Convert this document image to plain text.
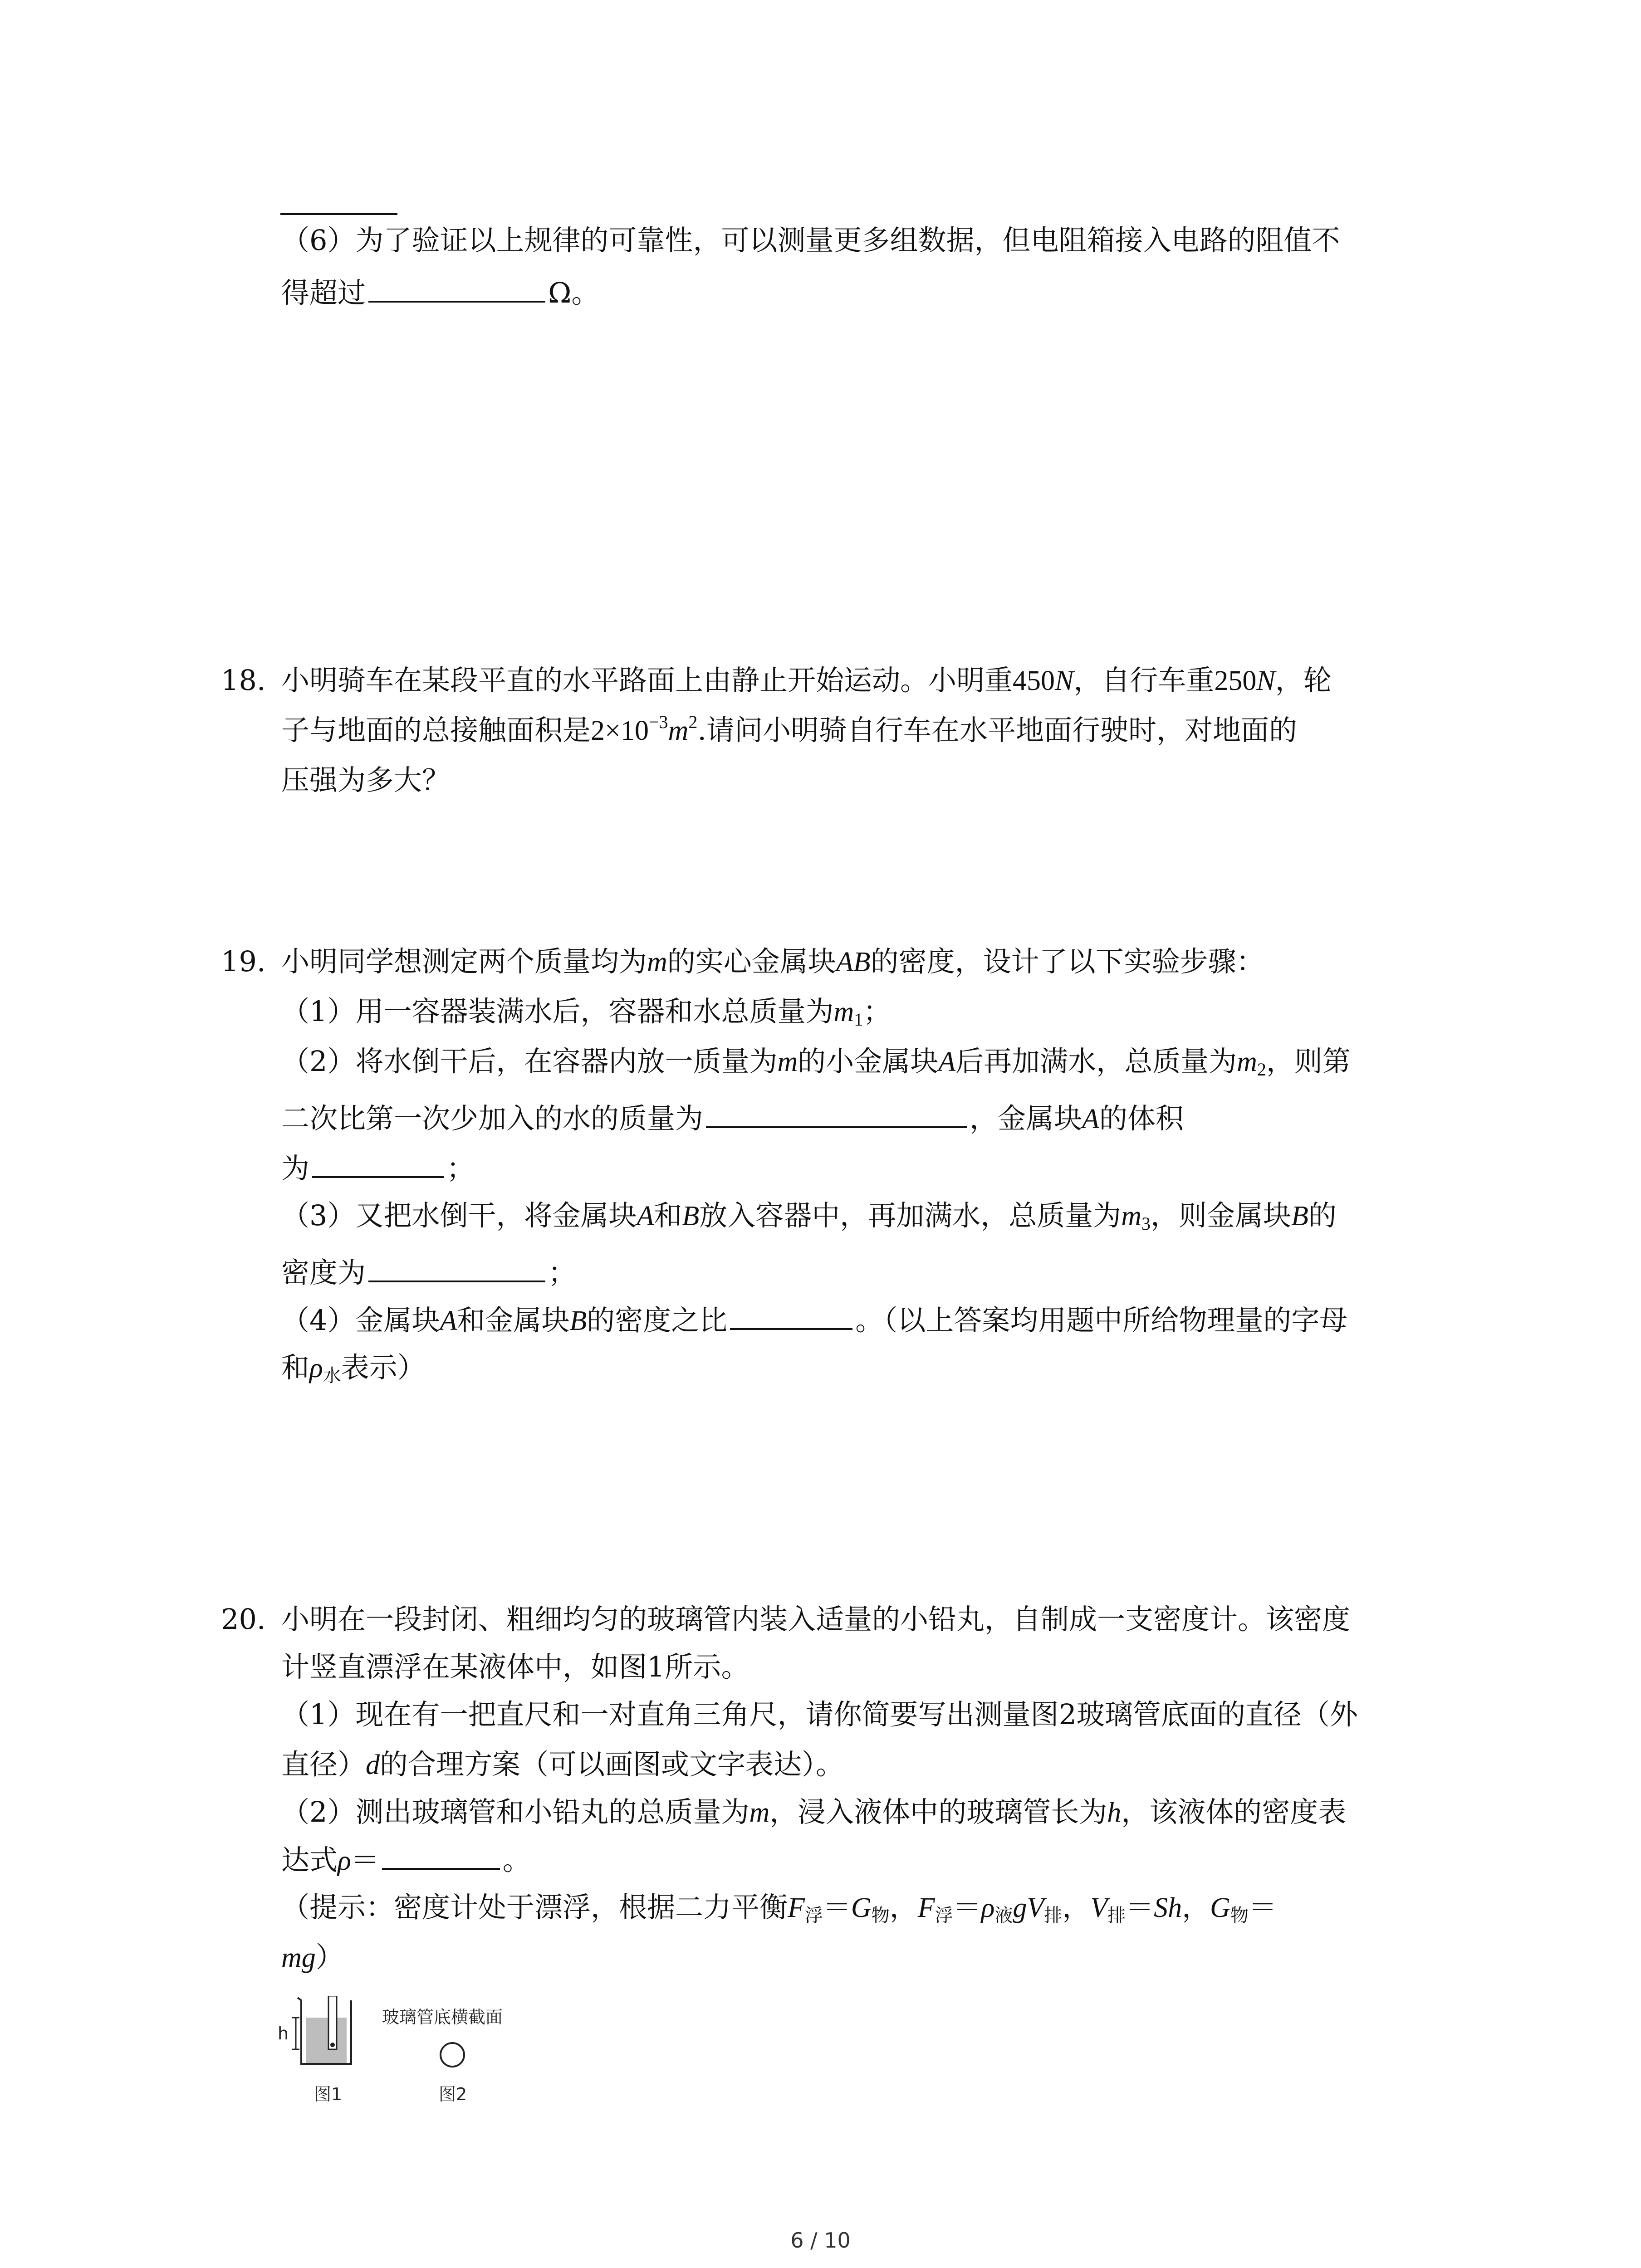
（6）为了验证以上规律的可靠性，可以测量更多组数据，但电阻箱接入电路的阻值不
得超过	Ω。
18. 小明骑车在某段平直的水平路面上由静止开始运动。小明重450N，自行车重250N，轮
子与地面的总接触面积是$2\times 10^{-3}m^2$.请问小明骑自行车在水平地面行驶时，对地面的
压强为多大？
19. 小明同学想测定两个质量均为m的实心金属块AB的密度，设计了以下实验步骤：
（1）用一容器装满水后，容器和水总质量为$m_1$；
（2）将水倒干后，在容器内放一质量为m的小金属块A后再加满水，总质量为$m_2$，则第
二次比第一次少加入的水的质量为	，金属块A的体积
为	；
（3）又把水倒干，将金属块A和B放入容器中，再加满水，总质量为$m_3$，则金属块B的
密度为	；
（4）金属块A和金属块B的密度之比	。（以上答案均用题中所给物理量的字母
和$\rho_水$表示）
20. 小明在一段封闭、粗细均匀的玻璃管内装入适量的小铅丸，自制成一支密度计。该密度
计竖直漂浮在某液体中，如图1所示。
（1）现在有一把直尺和一对直角三角尺，请你简要写出测量图2玻璃管底面的直径（外
直径）d的合理方案（可以画图或文字表达）。
（2）测出玻璃管和小铅丸的总质量为m，浸入液体中的玻璃管长为h，该液体的密度表
达式ρ＝	。
（提示：密度计处于漂浮，根据二力平衡$F_浮=G_物$，$F_浮=\rho_液gV_排$，$V_排=Sh$，$G_物=$
mg）
h
玻璃管底横截面
图1	图2
6 / 10
